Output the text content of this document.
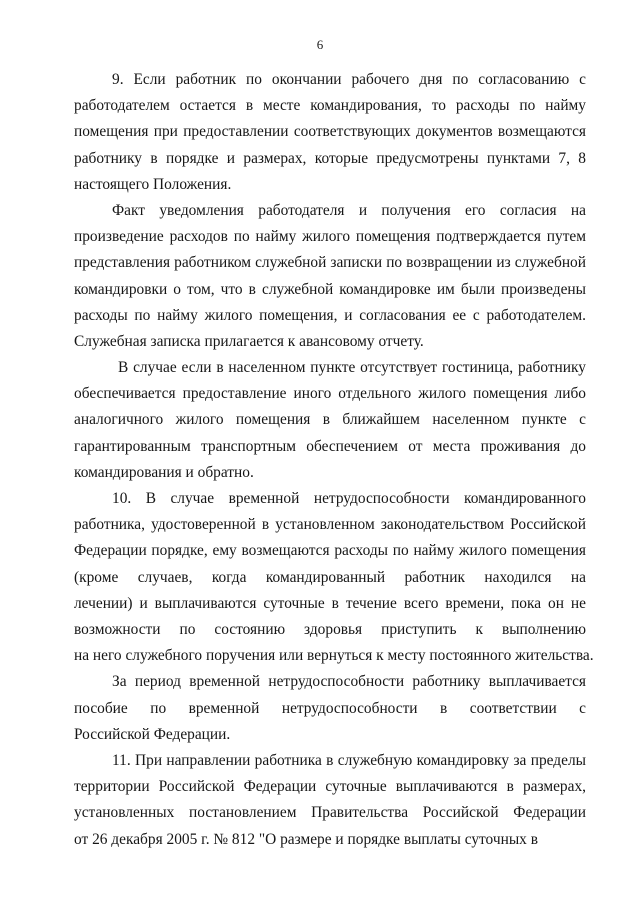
6
9. Если работник по окончании рабочего дня по согласованию с
работодателем остается в месте командирования, то расходы по найму
помещения при предоставлении соответствующих документов возмещаются
работнику в порядке и размерах, которые предусмотрены пунктами 7, 8
настоящего Положения.
Факт уведомления работодателя и получения его согласия на
произведение расходов по найму жилого помещения подтверждается путем
представления работником служебной записки по возвращении из служебной
командировки о том, что в служебной командировке им были произведены
расходы по найму жилого помещения, и согласования ее с работодателем.
Служебная записка прилагается к авансовому отчету.
В случае если в населенном пункте отсутствует гостиница, работнику
обеспечивается предоставление иного отдельного жилого помещения либо
аналогичного жилого помещения в ближайшем населенном пункте с
гарантированным транспортным обеспечением от места проживания до
командирования и обратно.
10. В случае временной нетрудоспособности командированного
работника, удостоверенной в установленном законодательством Российской
Федерации порядке, ему возмещаются расходы по найму жилого помещения
(кроме случаев, когда командированный работник находился на
лечении) и выплачиваются суточные в течение всего времени, пока он не
возможности по состоянию здоровья приступить к выполнению
на него служебного поручения или вернуться к месту постоянного жительства.
За период временной нетрудоспособности работнику выплачивается
пособие по временной нетрудоспособности в соответствии с
Российской Федерации.
11. При направлении работника в служебную командировку за пределы
территории Российской Федерации суточные выплачиваются в размерах,
установленных постановлением Правительства Российской Федерации
от 26 декабря 2005 г. № 812 "О размере и порядке выплаты суточных в
